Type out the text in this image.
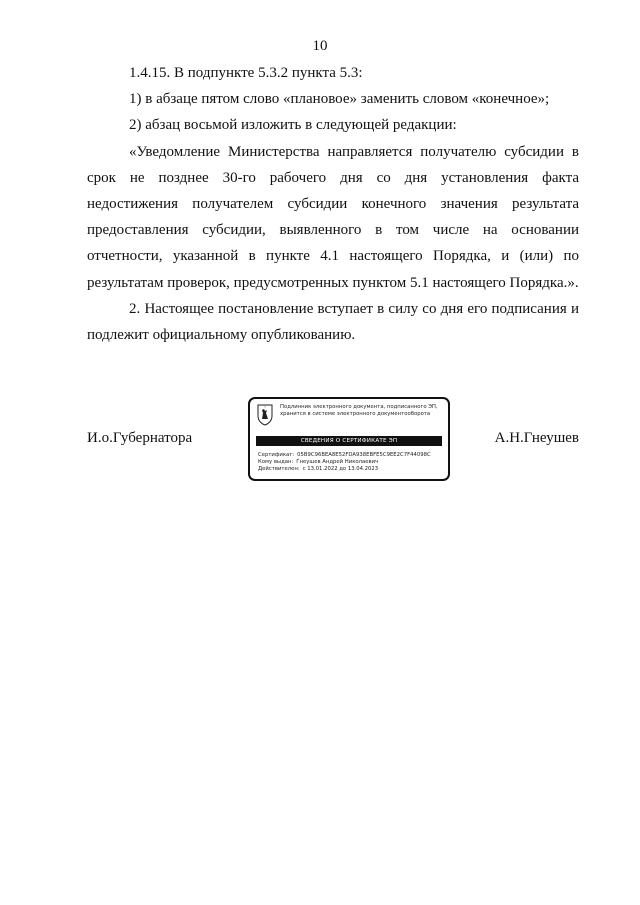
10

1.4.15. В подпункте 5.3.2 пункта 5.3:

1) в абзаце пятом слово «плановое» заменить словом «конечное»;

2) абзац восьмой изложить в следующей редакции:

«Уведомление Министерства направляется получателю субсидии в срок не позднее 30-го рабочего дня со дня установления факта недостижения получателем субсидии конечного значения результата предоставления субсидии, выявленного в том числе на основании отчетности, указанной в пункте 4.1 настоящего Порядка, и (или) по результатам проверок, предусмотренных пунктом 5.1 настоящего Порядка.».

2. Настоящее постановление вступает в силу со дня его подписания и подлежит официальному опубликованию.

И.о.Губернатора
Подлинник электронного документа, подписанного ЭП, хранится в системе электронного документооборота
СВЕДЕНИЯ О СЕРТИФИКАТЕ ЭП
Сертификат: 05B9C96BEA8E52FDA938EBFE5C9EE2C7F44098C
Кому выдан: Гнеушев Андрей Николаевич
Действителен: с 13.01.2022 до 13.04.2023
А.Н.Гнеушев
